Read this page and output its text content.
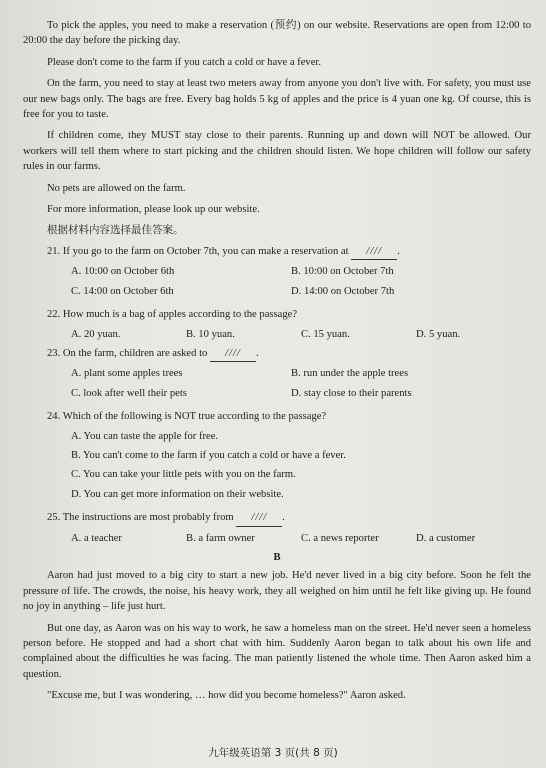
To pick the apples, you need to make a reservation (预约) on our website. Reservations are open from 12:00 to 20:00 the day before the picking day.

Please don't come to the farm if you catch a cold or have a fever.

On the farm, you need to stay at least two meters away from anyone you don't live with. For safety, you must use our new bags only. The bags are free. Every bag holds 5 kg of apples and the price is 4 yuan one kg. Of course, this is free for you to taste.

If children come, they MUST stay close to their parents. Running up and down will NOT be allowed. Our workers will tell them where to start picking and the children should listen. We hope children will follow our safety rules in our farms.

No pets are allowed on the farm.
For more information, please look up our website.
根据材料内容选择最佳答案。
21. If you go to the farm on October 7th, you can make a reservation at //// .
A. 10:00 on October 6th	B. 10:00 on October 7th
C. 14:00 on October 6th	D. 14:00 on October 7th
22. How much is a bag of apples according to the passage?
A. 20 yuan.	B. 10 yuan.	C. 15 yuan.	D. 5 yuan.
23. On the farm, children are asked to //// .
A. plant some apples trees	B. run under the apple trees
C. look after well their pets	D. stay close to their parents
24. Which of the following is NOT true according to the passage?
A. You can taste the apple for free.
B. You can't come to the farm if you catch a cold or have a fever.
C. You can take your little pets with you on the farm.
D. You can get more information on their website.
25. The instructions are most probably from //// .
A. a teacher	B. a farm owner	C. a news reporter	D. a customer
B

Aaron had just moved to a big city to start a new job. He'd never lived in a big city before. Soon he felt the pressure of life. The crowds, the noise, his heavy work, they all weighed on him until he felt like giving up. He found no joy in anything – life just hurt.

But one day, as Aaron was on his way to work, he saw a homeless man on the street. He'd never seen a homeless person before. He stopped and had a short chat with him. Suddenly Aaron began to talk about his own life and complained about the difficulties he was facing. The man patiently listened the whole time. Then Aaron asked him a question.

"Excuse me, but I was wondering, … how did you become homeless?" Aaron asked.

九年级英语第 3 页(共 8 页)
